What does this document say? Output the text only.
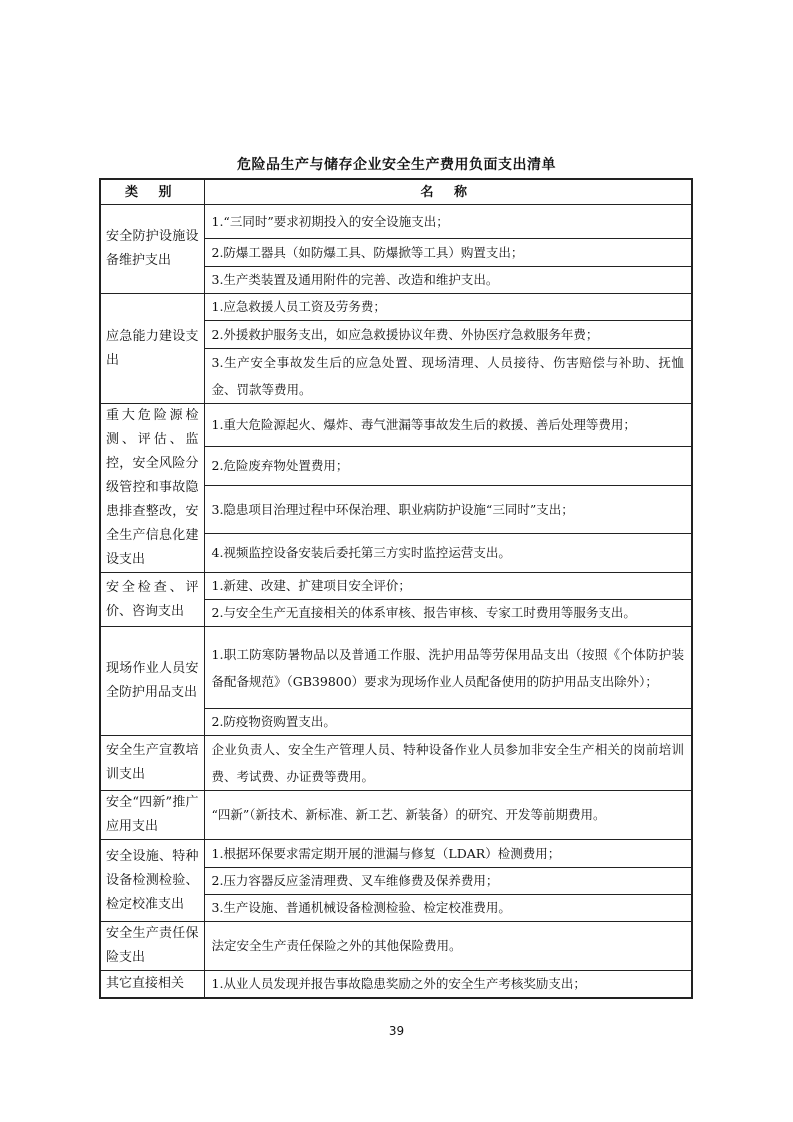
危险品生产与储存企业安全生产费用负面支出清单
类 别	名 称
安全防护设施设备维护支出	1.“三同时”要求初期投入的安全设施支出；
	2.防爆工器具（如防爆工具、防爆掀等工具）购置支出；
	3.生产类装置及通用附件的完善、改造和维护支出。
应急能力建设支出	1.应急救援人员工资及劳务费；
	2.外援救护服务支出，如应急救援协议年费、外协医疗急救服务年费；
	3.生产安全事故发生后的应急处置、现场清理、人员接待、伤害赔偿与补助、抚恤金、罚款等费用。
重大危险源检测、评估、监控，安全风险分级管控和事故隐患排查整改，安全生产信息化建设支出	1.重大危险源起火、爆炸、毒气泄漏等事故发生后的救援、善后处理等费用；
	2.危险废弃物处置费用；
	3.隐患项目治理过程中环保治理、职业病防护设施“三同时”支出；
	4.视频监控设备安装后委托第三方实时监控运营支出。
安全检查、评价、咨询支出	1.新建、改建、扩建项目安全评价；
	2.与安全生产无直接相关的体系审核、报告审核、专家工时费用等服务支出。
现场作业人员安全防护用品支出	1.职工防寒防暑物品以及普通工作服、洗护用品等劳保用品支出（按照《个体防护装备配备规范》（GB39800）要求为现场作业人员配备使用的防护用品支出除外）；
	2.防疫物资购置支出。
安全生产宣教培训支出	企业负责人、安全生产管理人员、特种设备作业人员参加非安全生产相关的岗前培训费、考试费、办证费等费用。
安全“四新”推广应用支出	“四新”（新技术、新标准、新工艺、新装备）的研究、开发等前期费用。
安全设施、特种设备检测检验、检定校准支出	1.根据环保要求需定期开展的泄漏与修复（LDAR）检测费用；
	2.压力容器反应釜清理费、叉车维修费及保养费用；
	3.生产设施、普通机械设备检测检验、检定校准费用。
安全生产责任保险支出	法定安全生产责任保险之外的其他保险费用。
其它直接相关	1.从业人员发现并报告事故隐患奖励之外的安全生产考核奖励支出；
39
